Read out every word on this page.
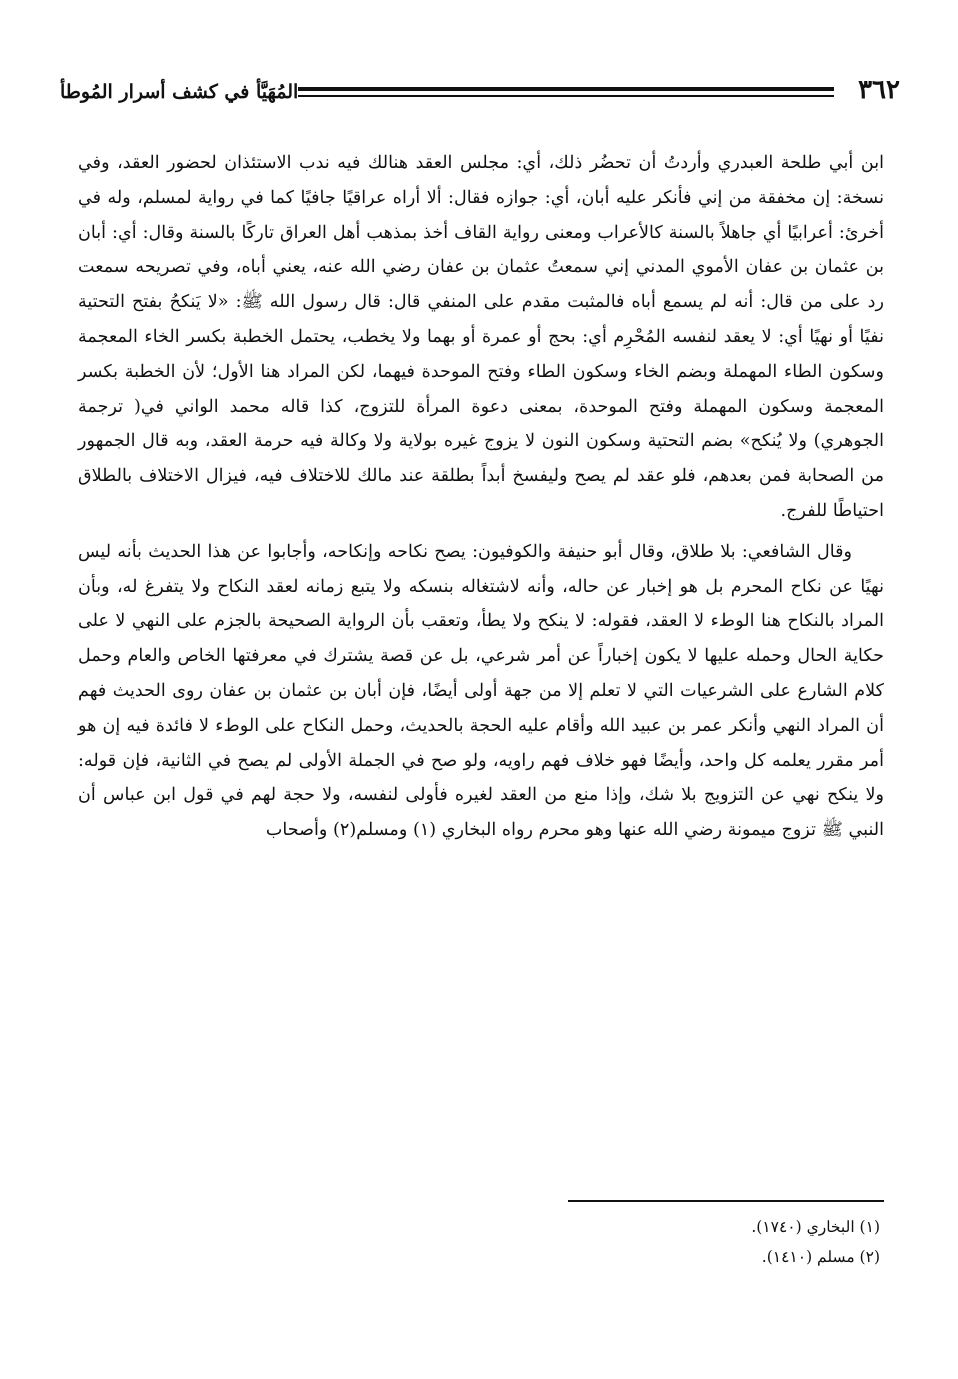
٣٦٢
المُهَيَّأ في كشف أسرار المُوطأ

ابن أبي طلحة العبدري وأردتُ أن تحضُر ذلك، أي: مجلس العقد هنالك فيه ندب الاستئذان لحضور العقد، وفي نسخة: إن مخفقة من إني فأنكر عليه أبان، أي: جوازه فقال: ألا أراه عراقيًا جافيًا كما في رواية لمسلم، وله في أخرئ: أعرابيًا أي جاهلاً بالسنة كالأعراب ومعنى رواية القاف أخذ بمذهب أهل العراق تاركًا بالسنة وقال: أي: أبان بن عثمان بن عفان الأموي المدني إني سمعتُ عثمان بن عفان رضي الله عنه، يعني أباه، وفي تصريحه سمعت رد على من قال: أنه لم يسمع أباه فالمثبت مقدم على المنفي قال: قال رسول الله ﷺ: «لا يَنكحُ بفتح التحتية نفيًا أو نهيًا أي: لا يعقد لنفسه المُحْرِم أي: بحج أو عمرة أو بهما ولا يخطب، يحتمل الخطبة بكسر الخاء المعجمة وسكون الطاء المهملة وبضم الخاء وسكون الطاء وفتح الموحدة فيهما، لكن المراد هنا الأول؛ لأن الخطبة بكسر المعجمة وسكون المهملة وفتح الموحدة، بمعنى دعوة المرأة للتزوج، كذا قاله محمد الواني في( ترجمة الجوهري) ولا يُنكح» بضم التحتية وسكون النون لا يزوج غيره بولاية ولا وكالة فيه حرمة العقد، وبه قال الجمهور من الصحابة فمن بعدهم، فلو عقد لم يصح وليفسخ أبداً بطلقة عند مالك للاختلاف فيه، فيزال الاختلاف بالطلاق احتياطًا للفرج.

وقال الشافعي: بلا طلاق، وقال أبو حنيفة والكوفيون: يصح نكاحه وإنكاحه، وأجابوا عن هذا الحديث بأنه ليس نهيًا عن نكاح المحرم بل هو إخبار عن حاله، وأنه لاشتغاله بنسكه ولا يتبع زمانه لعقد النكاح ولا يتفرغ له، وبأن المراد بالنكاح هنا الوطء لا العقد، فقوله: لا ينكح ولا يطأ، وتعقب بأن الرواية الصحيحة بالجزم على النهي لا على حكاية الحال وحمله عليها لا يكون إخباراً عن أمر شرعي، بل عن قصة يشترك في معرفتها الخاص والعام وحمل كلام الشارع على الشرعيات التي لا تعلم إلا من جهة أولى أيضًا، فإن أبان بن عثمان بن عفان روى الحديث فهم أن المراد النهي وأنكر عمر بن عبيد الله وأقام عليه الحجة بالحديث، وحمل النكاح على الوطء لا فائدة فيه إن هو أمر مقرر يعلمه كل واحد، وأيضًا فهو خلاف فهم راويه، ولو صح في الجملة الأولى لم يصح في الثانية، فإن قوله: ولا ينكح نهي عن التزويج بلا شك، وإذا منع من العقد لغيره فأولى لنفسه، ولا حجة لهم في قول ابن عباس أن النبي ﷺ تزوج ميمونة رضي الله عنها وهو محرم رواه البخاري (١) ومسلم(٢) وأصحاب

(١) البخاري (١٧٤٠).
(٢) مسلم (١٤١٠).
